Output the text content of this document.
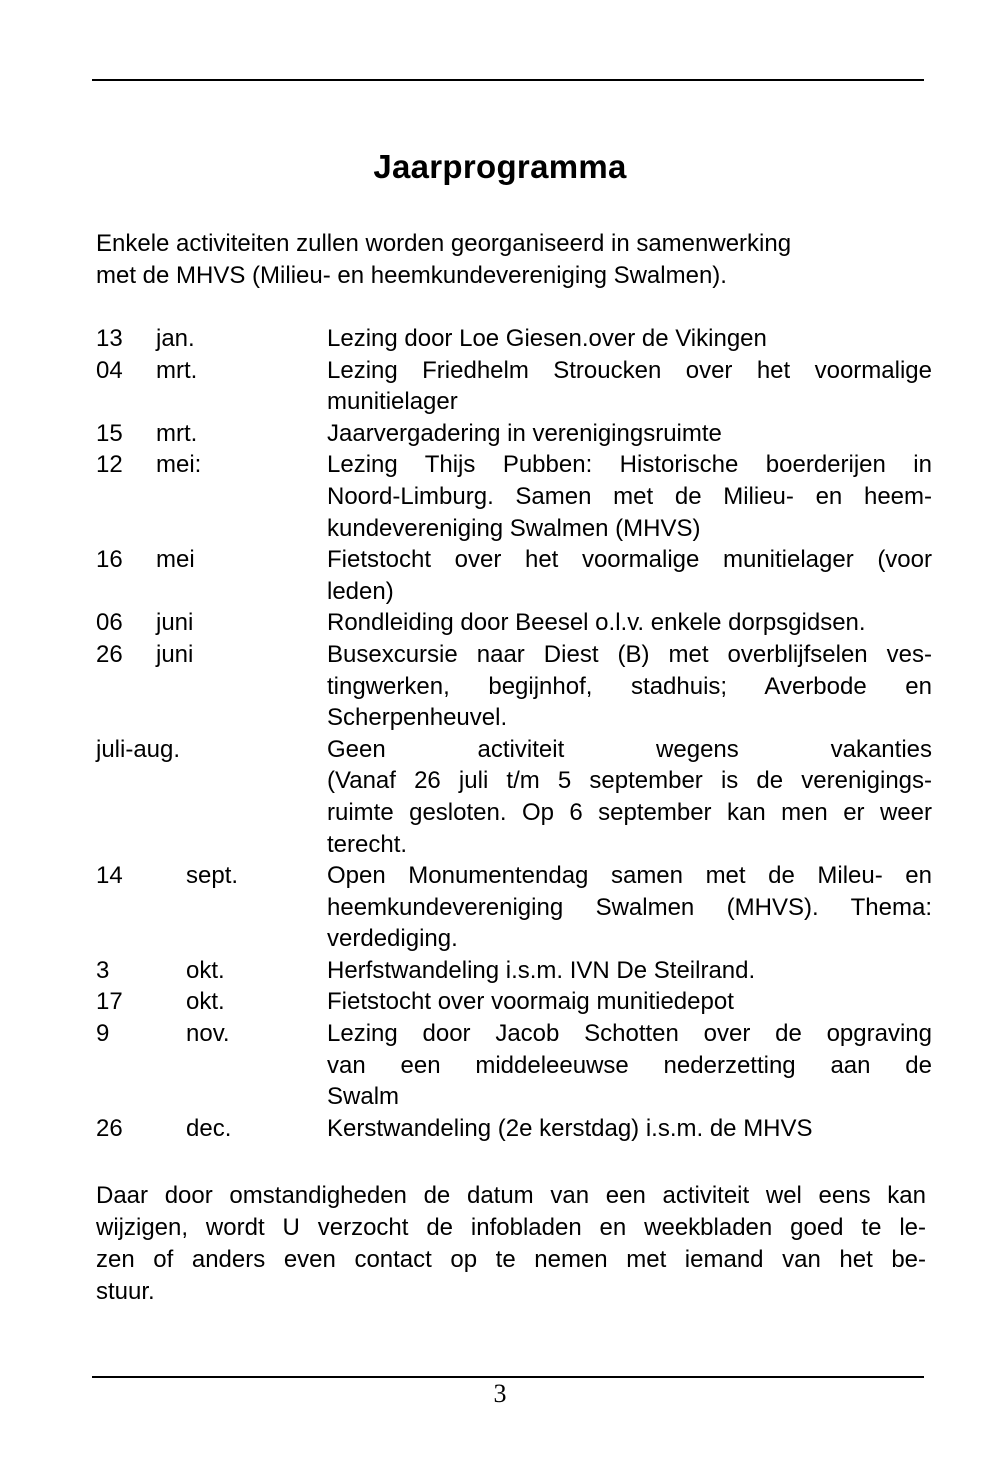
Jaarprogramma
Enkele activiteiten zullen worden georganiseerd in samenwerking
met de MHVS (Milieu- en heemkundevereniging Swalmen).
13 jan.	Lezing door Loe Giesen.over de Vikingen
04 mrt.	Lezing Friedhelm Stroucken over het voormalige
munitielager
15 mrt.	Jaarvergadering in verenigingsruimte
12 mei:	Lezing Thijs Pubben: Historische boerderijen in
Noord-Limburg. Samen met de Milieu- en heem-
kundevereniging Swalmen (MHVS)
16 mei	Fietstocht over het voormalige munitielager (voor
leden)
06 juni	Rondleiding door Beesel o.l.v. enkele dorpsgidsen.
26 juni	Busexcursie naar Diest (B) met overblijfselen ves-
tingwerken, begijnhof, stadhuis; Averbode en
Scherpenheuvel.
juli-aug.	Geen activiteit wegens vakanties
(Vanaf 26 juli t/m 5 september is de verenigings-
ruimte gesloten. Op 6 september kan men er weer
terecht.
14	sept.	Open Monumentendag samen met de Mileu- en
heemkundevereniging Swalmen (MHVS). Thema:
verdediging.
3	okt.	Herfstwandeling i.s.m. IVN De Steilrand.
17	okt.	Fietstocht over voormaig munitiedepot
9	nov.	Lezing door Jacob Schotten over de opgraving
van een middeleeuwse nederzetting aan de
Swalm
26	dec.	Kerstwandeling (2e kerstdag) i.s.m. de MHVS
Daar door omstandigheden de datum van een activiteit wel eens kan
wijzigen, wordt U verzocht de infobladen en weekbladen goed te le-
zen of anders even contact op te nemen met iemand van het be-
stuur.
3
